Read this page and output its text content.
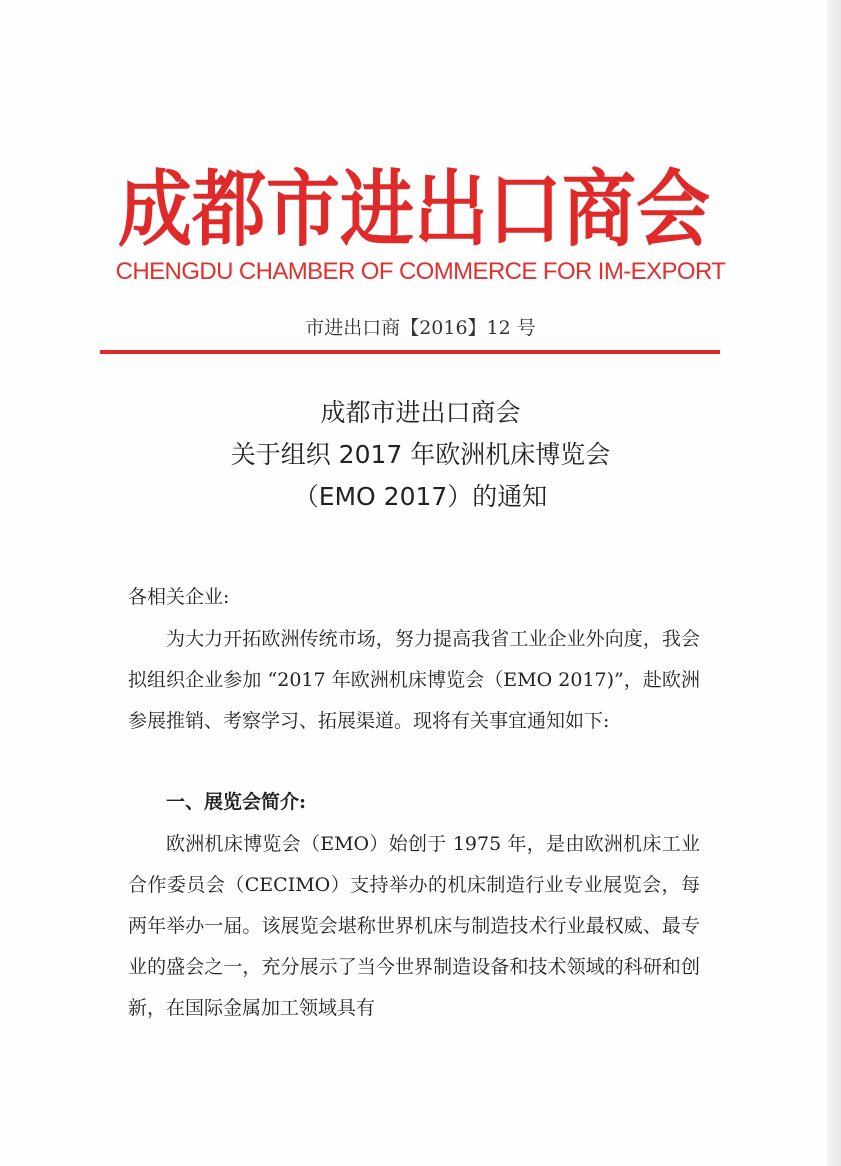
成 都 市 进 出 口 商 会
CHENGDU CHAMBER OF COMMERCE FOR IM-EXPORT
市进出口商【2016】12 号
成都市进出口商会
关于组织 2017 年欧洲机床博览会
（EMO 2017）的通知
各相关企业:
为大力开拓欧洲传统市场，努力提高我省工业企业外向度，我会拟组织企业参加 “2017 年欧洲机床博览会（EMO 2017)”，赴欧洲参展推销、考察学习、拓展渠道。现将有关事宜通知如下:
一、展览会简介:
欧洲机床博览会（EMO）始创于 1975 年，是由欧洲机床工业合作委员会（CECIMO）支持举办的机床制造行业专业展览会，每两年举办一届。该展览会堪称世界机床与制造技术行业最权威、最专业的盛会之一，充分展示了当今世界制造设备和技术领域的科研和创新，在国际金属加工领域具有
